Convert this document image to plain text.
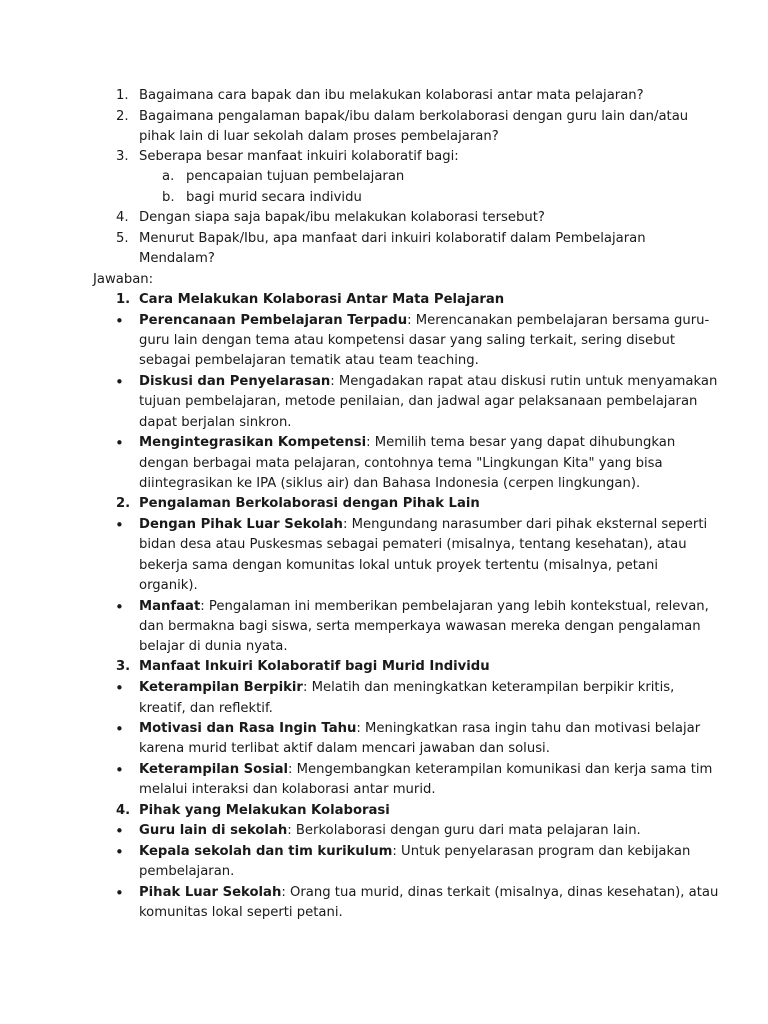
1. Bagaimana cara bapak dan ibu melakukan kolaborasi antar mata pelajaran?
2. Bagaimana pengalaman bapak/ibu dalam berkolaborasi dengan guru lain dan/atau
pihak lain di luar sekolah dalam proses pembelajaran?
3. Seberapa besar manfaat inkuiri kolaboratif bagi:
a. pencapaian tujuan pembelajaran
b. bagi murid secara individu
4. Dengan siapa saja bapak/ibu melakukan kolaborasi tersebut?
5. Menurut Bapak/Ibu, apa manfaat dari inkuiri kolaboratif dalam Pembelajaran
Mendalam?
Jawaban:
1. Cara Melakukan Kolaborasi Antar Mata Pelajaran
• Perencanaan Pembelajaran Terpadu: Merencanakan pembelajaran bersama guru-
guru lain dengan tema atau kompetensi dasar yang saling terkait, sering disebut
sebagai pembelajaran tematik atau team teaching.
• Diskusi dan Penyelarasan: Mengadakan rapat atau diskusi rutin untuk menyamakan
tujuan pembelajaran, metode penilaian, dan jadwal agar pelaksanaan pembelajaran
dapat berjalan sinkron.
• Mengintegrasikan Kompetensi: Memilih tema besar yang dapat dihubungkan
dengan berbagai mata pelajaran, contohnya tema "Lingkungan Kita" yang bisa
diintegrasikan ke IPA (siklus air) dan Bahasa Indonesia (cerpen lingkungan).
2. Pengalaman Berkolaborasi dengan Pihak Lain
• Dengan Pihak Luar Sekolah: Mengundang narasumber dari pihak eksternal seperti
bidan desa atau Puskesmas sebagai pemateri (misalnya, tentang kesehatan), atau
bekerja sama dengan komunitas lokal untuk proyek tertentu (misalnya, petani
organik).
• Manfaat: Pengalaman ini memberikan pembelajaran yang lebih kontekstual, relevan,
dan bermakna bagi siswa, serta memperkaya wawasan mereka dengan pengalaman
belajar di dunia nyata.
3. Manfaat Inkuiri Kolaboratif bagi Murid Individu
• Keterampilan Berpikir: Melatih dan meningkatkan keterampilan berpikir kritis,
kreatif, dan reflektif.
• Motivasi dan Rasa Ingin Tahu: Meningkatkan rasa ingin tahu dan motivasi belajar
karena murid terlibat aktif dalam mencari jawaban dan solusi.
• Keterampilan Sosial: Mengembangkan keterampilan komunikasi dan kerja sama tim
melalui interaksi dan kolaborasi antar murid.
4. Pihak yang Melakukan Kolaborasi
• Guru lain di sekolah: Berkolaborasi dengan guru dari mata pelajaran lain.
• Kepala sekolah dan tim kurikulum: Untuk penyelarasan program dan kebijakan
pembelajaran.
• Pihak Luar Sekolah: Orang tua murid, dinas terkait (misalnya, dinas kesehatan), atau
komunitas lokal seperti petani.
